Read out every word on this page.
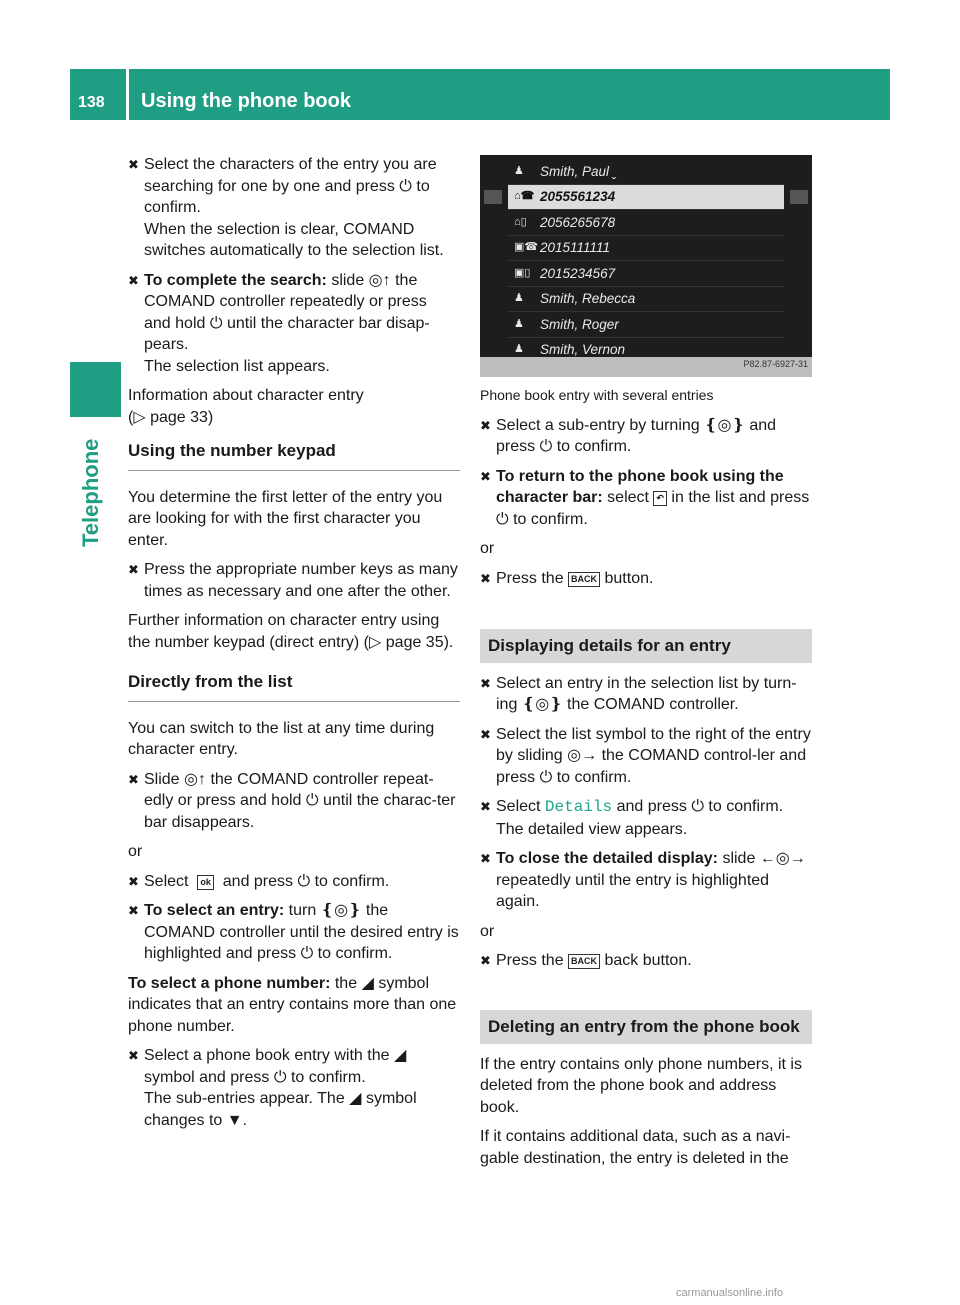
138 Using the phone book
Telephone
✖ Select the characters of the entry you are
searching for one by one and press ⏻ to
confirm.
When the selection is clear, COMAND
switches automatically to the selection list.
✖ To complete the search: slide ◎↑ the
COMAND controller repeatedly or press
and hold ⏻ until the character bar disap-
pears.
The selection list appears.

Information about character entry
(▷ page 33)

Using the number keypad

You determine the first letter of the entry you are looking for with the first character you enter.

✖ Press the appropriate number keys as many times as necessary and one after the other.

Further information on character entry using the number keypad (direct entry) (▷ page 35).

Directly from the list

You can switch to the list at any time during character entry.

✖ Slide ◎↑ the COMAND controller repeat-edly or press and hold ⏻ until the charac-ter bar disappears.

or

✖ Select ok and press ⏻ to confirm.
✖ To select an entry: turn ❴◎❵ the COMAND controller until the desired entry is highlighted and press ⏻ to confirm.

To select a phone number: the ◢ symbol indicates that an entry contains more than one phone number.

✖ Select a phone book entry with the ◢ symbol and press ⏻ to confirm.
The sub-entries appear. The ◢ symbol changes to ▼.
♟	Smith, Paul ˬ
⌂☎ 2055561234
⌂▯ 2056265678
▣☎ 2015111111
▣▯ 2015234567
♟	Smith, Rebecca
♟	Smith, Roger
♟	Smith, Vernon
P82.87-6927-31
Phone book entry with several entries
✖ Select a sub-entry by turning ❴◎❵ and press ⏻ to confirm.
✖ To return to the phone book using the character bar: select ↶ in the list and press ⏻ to confirm.

or

✖ Press the BACK button.
Displaying details for an entry
✖ Select an entry in the selection list by turn-ing ❴◎❵ the COMAND controller.
✖ Select the list symbol to the right of the entry by sliding ◎→ the COMAND control-ler and press ⏻ to confirm.
✖ Select Details and press ⏻ to confirm.
The detailed view appears.
✖ To close the detailed display: slide ←◎→ repeatedly until the entry is highlighted again.

or

✖ Press the BACK back button.
Deleting an entry from the phone book

If the entry contains only phone numbers, it is deleted from the phone book and address book.

If it contains additional data, such as a navi-gable destination, the entry is deleted in the

carmanualsonline.info
